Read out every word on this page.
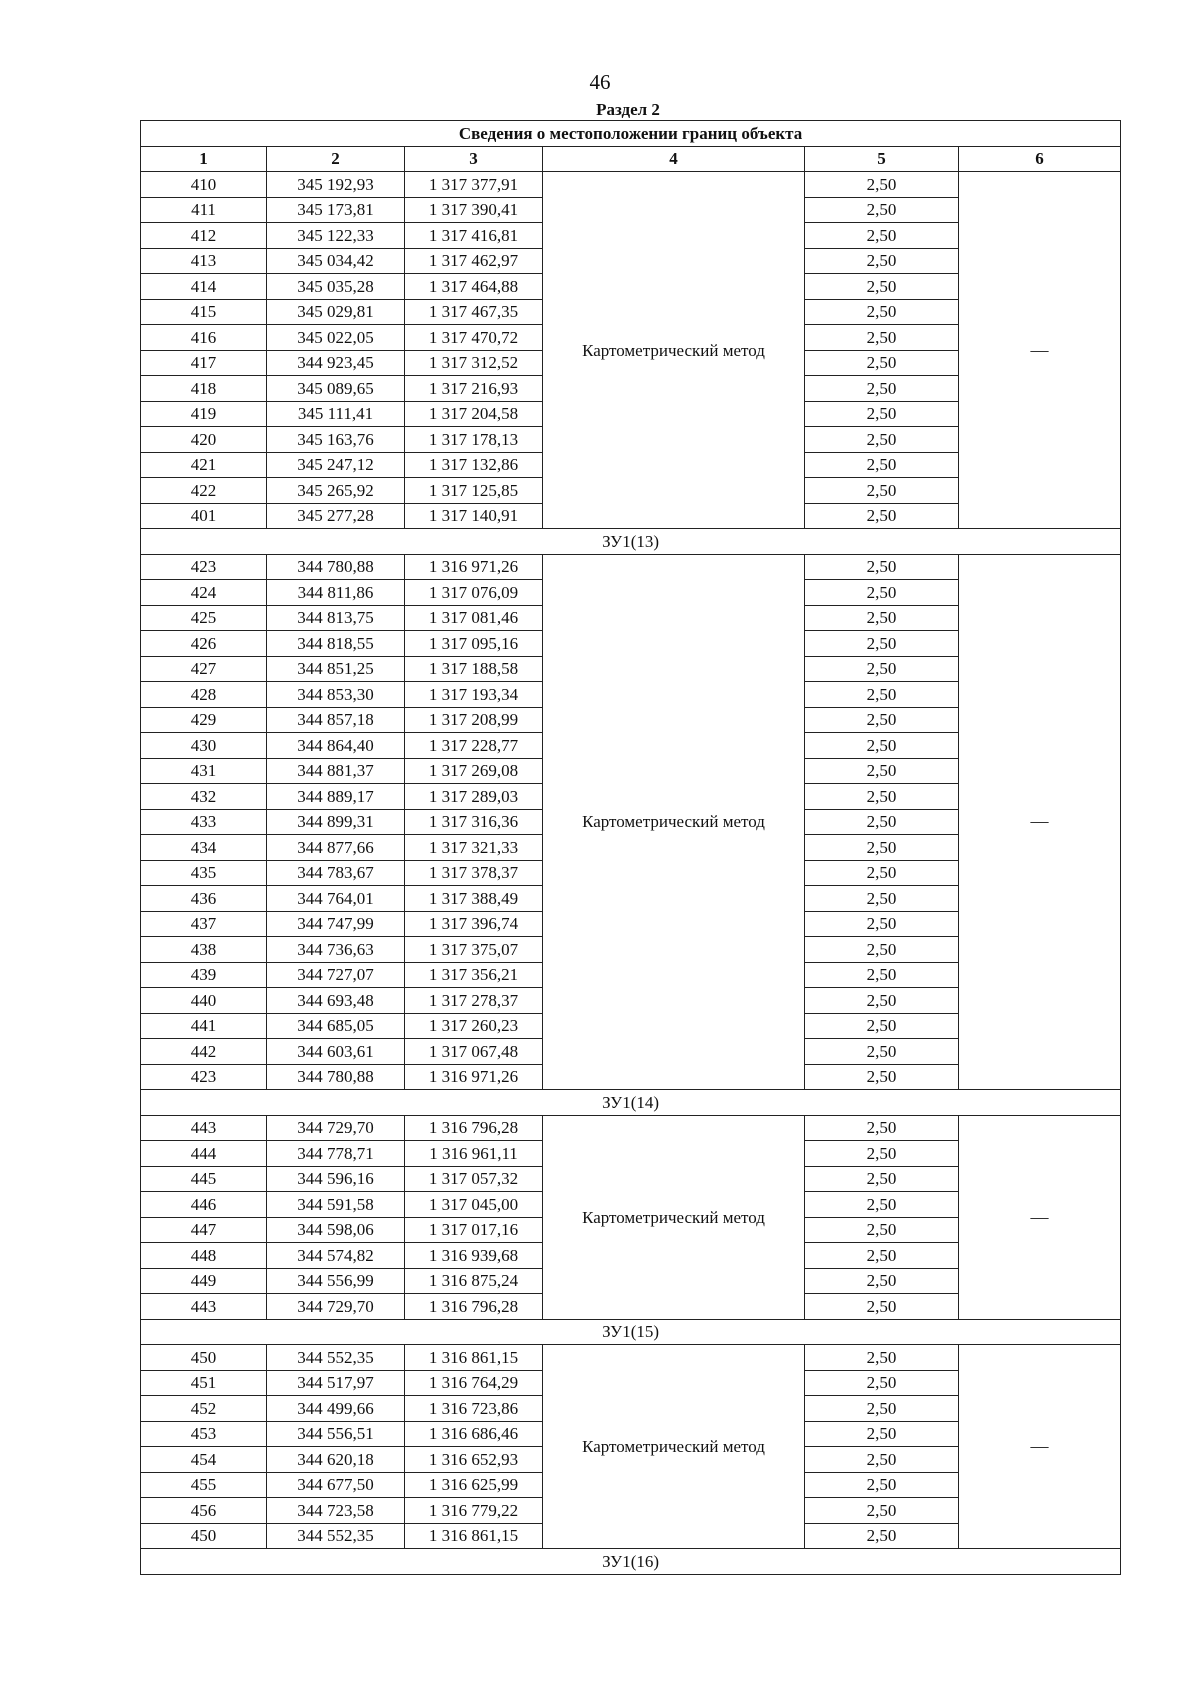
46
Раздел 2
Сведения о местоположении границ объекта					
1	2	3	4	5	6
410	345 192,93	1 317 377,91	Картометрический метод	2,50	—
411	345 173,81	1 317 390,41		2,50	
412	345 122,33	1 317 416,81		2,50	
413	345 034,42	1 317 462,97		2,50	
414	345 035,28	1 317 464,88		2,50	
415	345 029,81	1 317 467,35		2,50	
416	345 022,05	1 317 470,72		2,50	
417	344 923,45	1 317 312,52		2,50	
418	345 089,65	1 317 216,93		2,50	
419	345 111,41	1 317 204,58		2,50	
420	345 163,76	1 317 178,13		2,50	
421	345 247,12	1 317 132,86		2,50	
422	345 265,92	1 317 125,85		2,50	
401	345 277,28	1 317 140,91		2,50	
ЗУ1(13)					
423	344 780,88	1 316 971,26	Картометрический метод	2,50	—
424	344 811,86	1 317 076,09		2,50	
425	344 813,75	1 317 081,46		2,50	
426	344 818,55	1 317 095,16		2,50	
427	344 851,25	1 317 188,58		2,50	
428	344 853,30	1 317 193,34		2,50	
429	344 857,18	1 317 208,99		2,50	
430	344 864,40	1 317 228,77		2,50	
431	344 881,37	1 317 269,08		2,50	
432	344 889,17	1 317 289,03		2,50	
433	344 899,31	1 317 316,36		2,50	
434	344 877,66	1 317 321,33		2,50	
435	344 783,67	1 317 378,37		2,50	
436	344 764,01	1 317 388,49		2,50	
437	344 747,99	1 317 396,74		2,50	
438	344 736,63	1 317 375,07		2,50	
439	344 727,07	1 317 356,21		2,50	
440	344 693,48	1 317 278,37		2,50	
441	344 685,05	1 317 260,23		2,50	
442	344 603,61	1 317 067,48		2,50	
423	344 780,88	1 316 971,26		2,50	
ЗУ1(14)					
443	344 729,70	1 316 796,28	Картометрический метод	2,50	—
444	344 778,71	1 316 961,11		2,50	
445	344 596,16	1 317 057,32		2,50	
446	344 591,58	1 317 045,00		2,50	
447	344 598,06	1 317 017,16		2,50	
448	344 574,82	1 316 939,68		2,50	
449	344 556,99	1 316 875,24		2,50	
443	344 729,70	1 316 796,28		2,50	
ЗУ1(15)					
450	344 552,35	1 316 861,15	Картометрический метод	2,50	—
451	344 517,97	1 316 764,29		2,50	
452	344 499,66	1 316 723,86		2,50	
453	344 556,51	1 316 686,46		2,50	
454	344 620,18	1 316 652,93		2,50	
455	344 677,50	1 316 625,99		2,50	
456	344 723,58	1 316 779,22		2,50	
450	344 552,35	1 316 861,15		2,50	
ЗУ1(16)					
